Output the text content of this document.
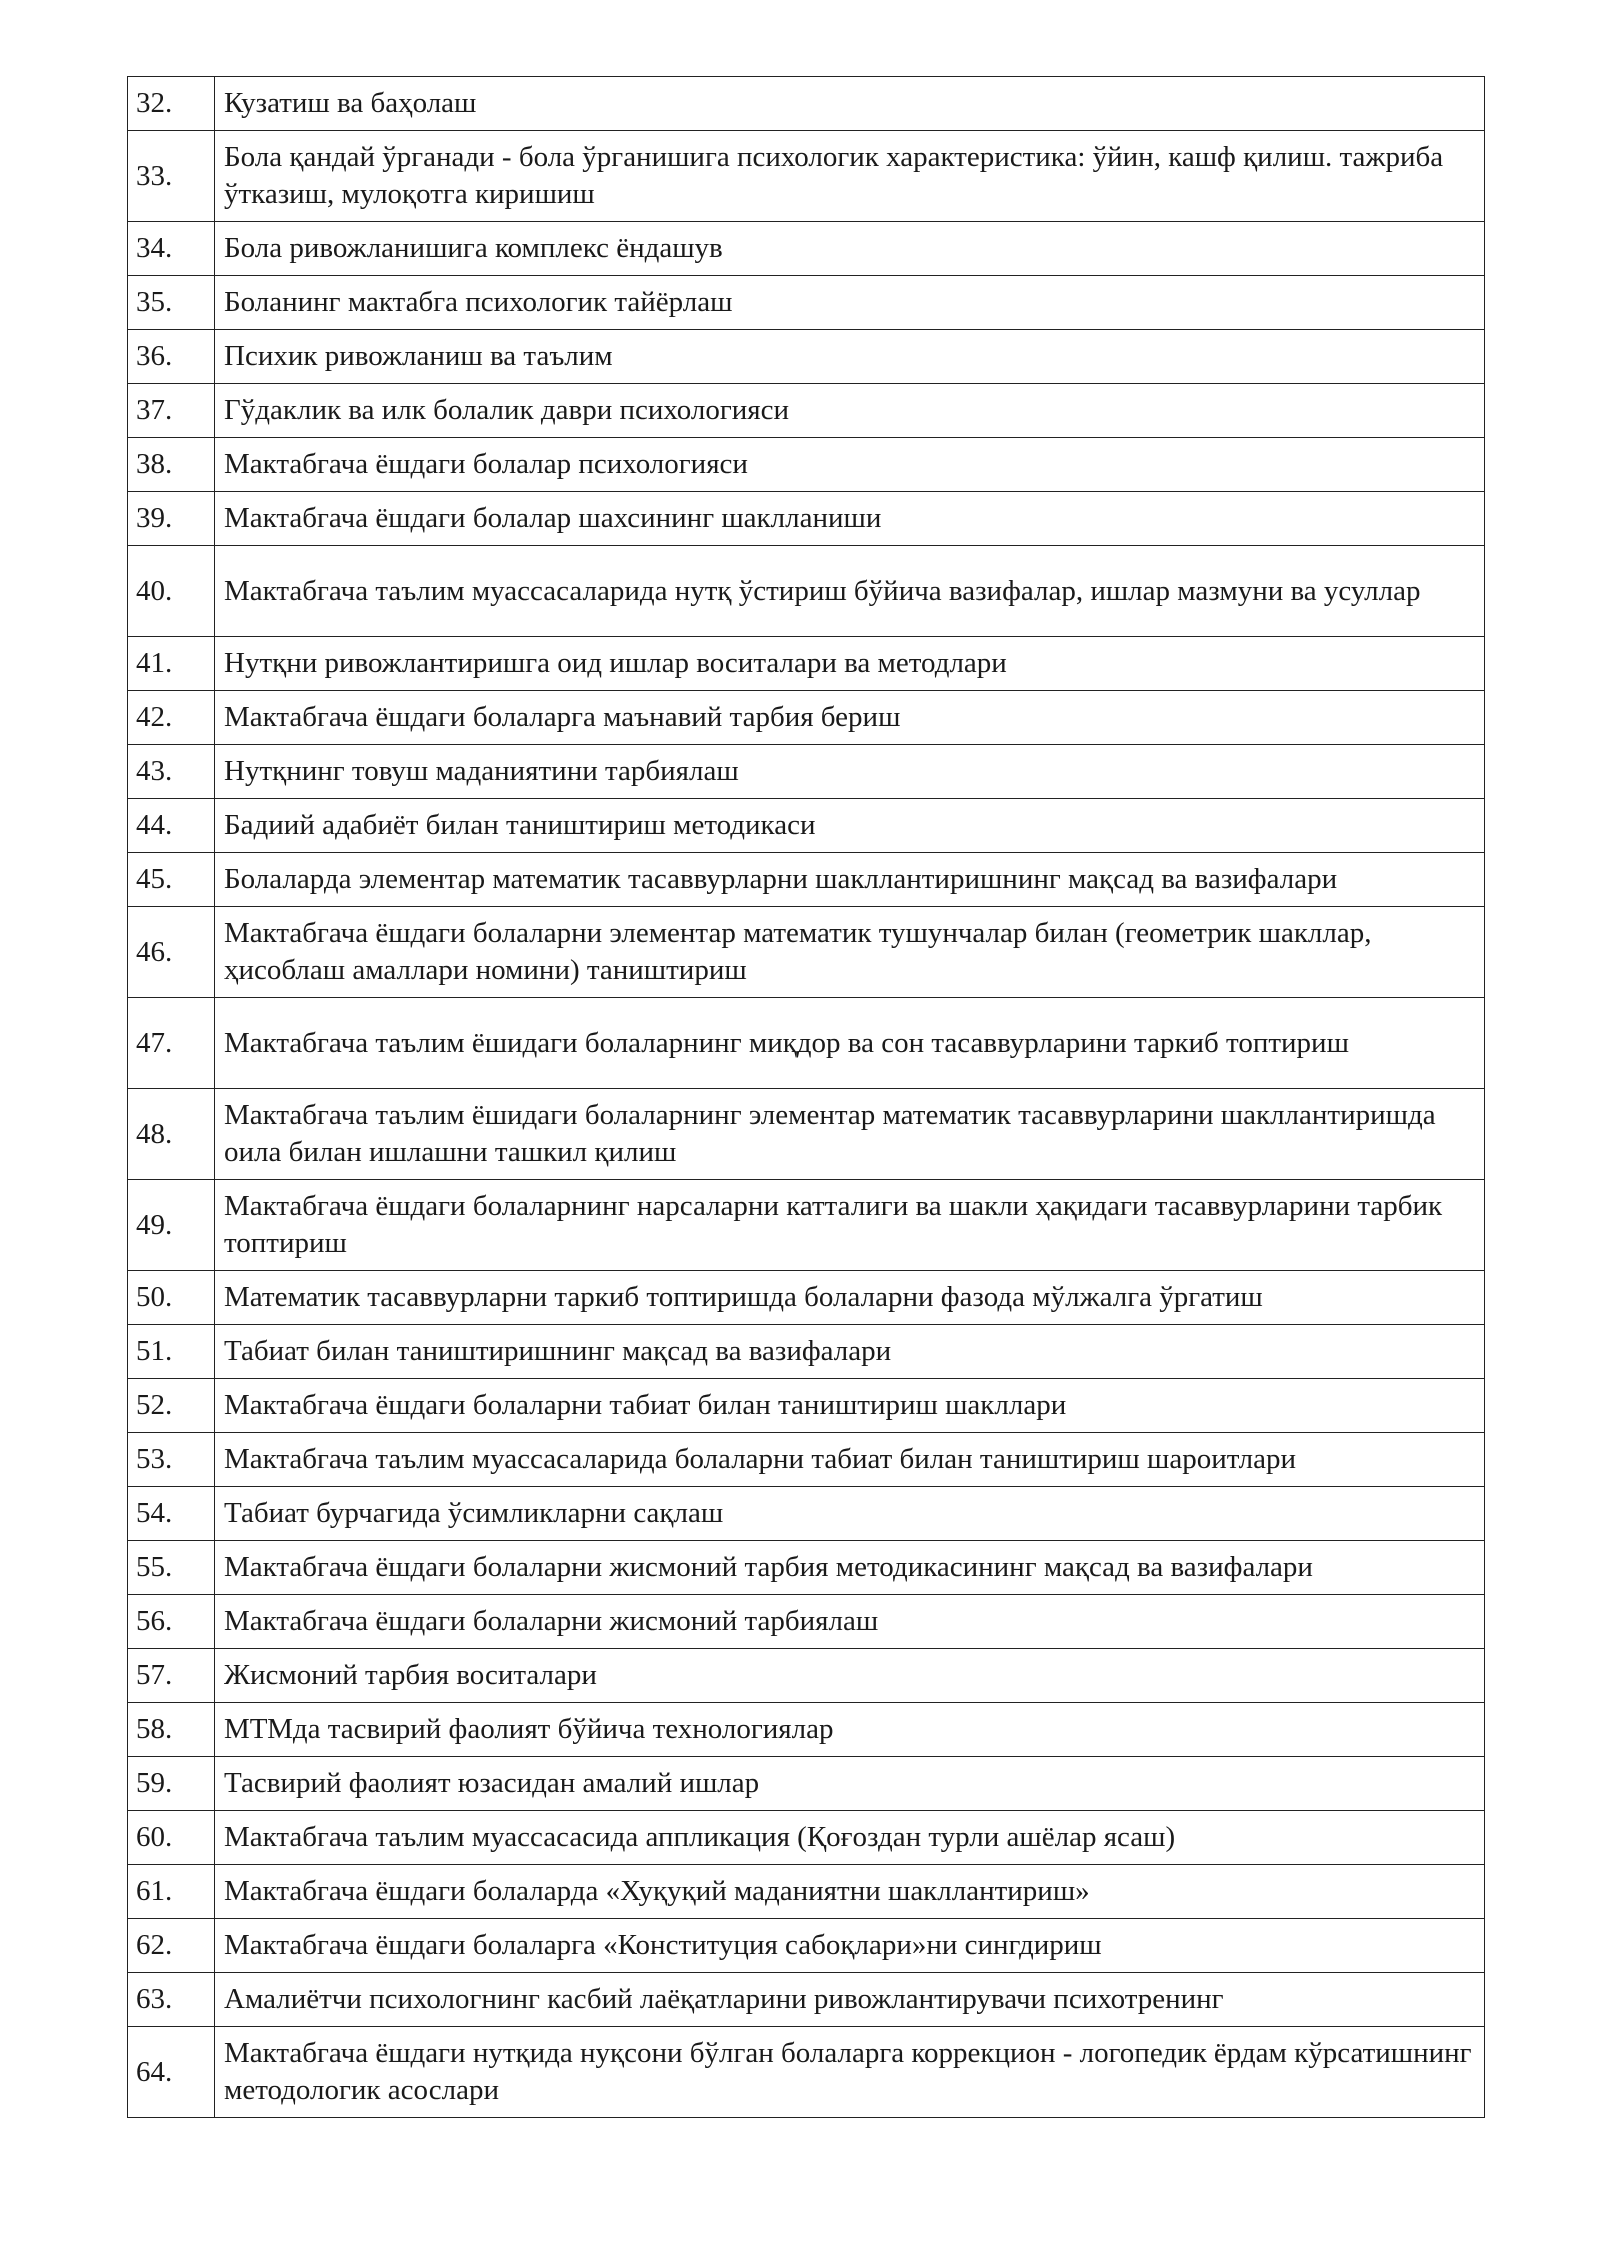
32.	Кузатиш ва баҳолаш
33.	Бола қандай ўрганади - бола ўрганишига психологик характеристика: ўйин, кашф қилиш. тажриба ўтказиш, мулоқотга киришиш
34.	Бола ривожланишига комплекс ёндашув
35.	Боланинг мактабга психологик тайёрлаш
36.	Психик ривожланиш ва таълим
37.	Гўдаклик ва илк болалик даври психологияси
38.	Мактабгача ёшдаги болалар психологияси
39.	Мактабгача ёшдаги болалар шахсининг шаклланиши
40.	Мактабгача таълим муассасаларида нутқ ўстириш бўйича вазифалар, ишлар мазмуни ва усуллар
41.	Нутқни ривожлантиришга оид ишлар воситалари ва методлари
42.	Мактабгача ёшдаги болаларга маънавий тарбия бериш
43.	Нутқнинг товуш маданиятини тарбиялаш
44.	Бадиий адабиёт билан таништириш методикаси
45.	Болаларда элементар математик тасаввурларни шакллантиришнинг мақсад ва вазифалари
46.	Мактабгача ёшдаги болаларни элементар математик тушунчалар билан (геометрик шакллар, ҳисоблаш амаллари номини) таништириш
47.	Мактабгача таълим ёшидаги болаларнинг миқдор ва сон тасаввурларини таркиб топтириш
48.	Мактабгача таълим ёшидаги болаларнинг элементар математик тасаввурларини шакллантиришда оила билан ишлашни ташкил қилиш
49.	Мактабгача ёшдаги болаларнинг нарсаларни катталиги ва шакли ҳақидаги тасаввурларини тарбик топтириш
50.	Математик тасаввурларни таркиб топтиришда болаларни фазода мўлжалга ўргатиш
51.	Табиат билан таништиришнинг мақсад ва вазифалари
52.	Мактабгача ёшдаги болаларни табиат билан таништириш шакллари
53.	Мактабгача таълим муассасаларида болаларни табиат билан таништириш шароитлари
54.	Табиат бурчагида ўсимликларни сақлаш
55.	Мактабгача ёшдаги болаларни жисмоний тарбия методикасининг мақсад ва вазифалари
56.	Мактабгача ёшдаги болаларни жисмоний тарбиялаш
57.	Жисмоний тарбия воситалари
58.	МТМда тасвирий фаолият бўйича технологиялар
59.	Тасвирий фаолият юзасидан амалий ишлар
60.	Мактабгача таълим муассасасида аппликация (Қоғоздан турли ашёлар ясаш)
61.	Мактабгача ёшдаги болаларда «Хуқуқий маданиятни шакллантириш»
62.	Мактабгача ёшдаги болаларга «Конституция сабоқлари»ни сингдириш
63.	Амалиётчи психологнинг касбий лаёқатларини ривожлантирувачи психотренинг
64.	Мактабгача ёшдаги нутқида нуқсони бўлган болаларга коррекцион - логопедик ёрдам кўрсатишнинг методологик асослари
